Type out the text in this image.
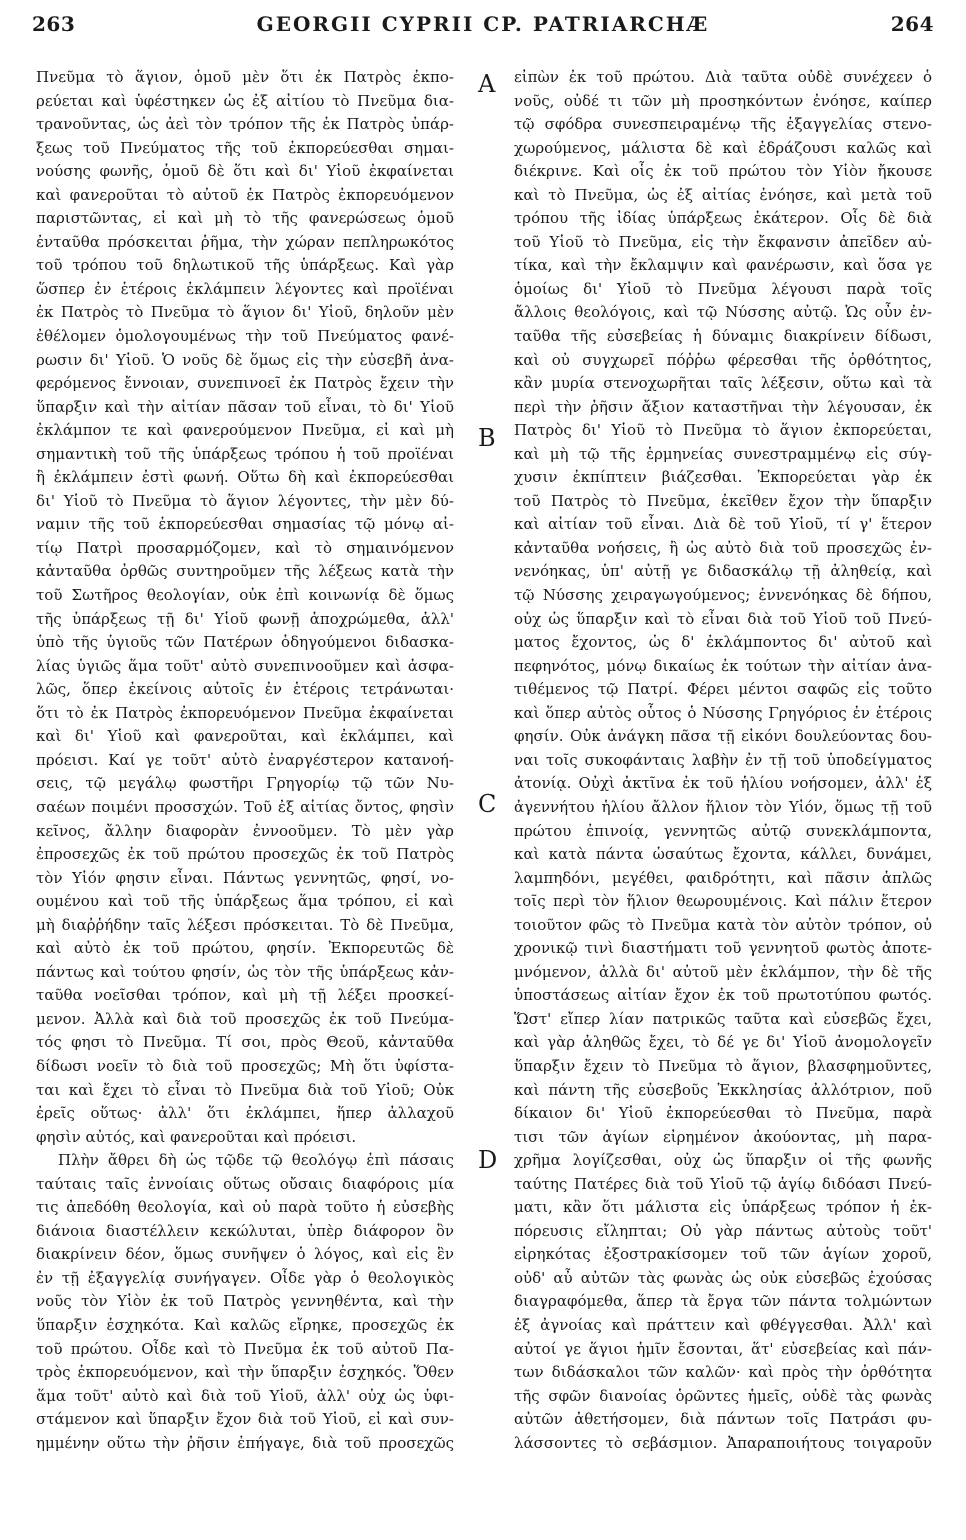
263	GEORGII CYPRII CP. PATRIARCHÆ	264
Πνεῦμα τὸ ἅγιον, ὁμοῦ μὲν ὅτι ἐκ Πατρὸς ἐκπο-
ρεύεται καὶ ὑφέστηκεν ὡς ἐξ αἰτίου τὸ Πνεῦμα δια-
τρανοῦντας, ὡς ἀεὶ τὸν τρόπον τῆς ἐκ Πατρὸς ὑπάρ-
ξεως τοῦ Πνεύματος τῆς τοῦ ἐκπορεύεσθαι σημαι-
νούσης φωνῆς, ὁμοῦ δὲ ὅτι καὶ δι' Υἱοῦ ἐκφαίνεται
καὶ φανεροῦται τὸ αὐτοῦ ἐκ Πατρὸς ἐκπορευόμενον
παριστῶντας, εἰ καὶ μὴ τὸ τῆς φανερώσεως ὁμοῦ
ἐνταῦθα πρόσκειται ῥῆμα, τὴν χώραν πεπληρωκότος
τοῦ τρόπου τοῦ δηλωτικοῦ τῆς ὑπάρξεως. Καὶ γὰρ
ὥσπερ ἐν ἑτέροις ἐκλάμπειν λέγοντες καὶ προϊέναι
ἐκ Πατρὸς τὸ Πνεῦμα τὸ ἅγιον δι' Υἱοῦ, δηλοῦν μὲν
ἐθέλομεν ὁμολογουμένως τὴν τοῦ Πνεύματος φανέ-
ρωσιν δι' Υἱοῦ. Ὁ νοῦς δὲ ὅμως εἰς τὴν εὐσεβῆ ἀνα-
φερόμενος ἔννοιαν, συνεπινοεῖ ἐκ Πατρὸς ἔχειν τὴν
ὕπαρξιν καὶ τὴν αἰτίαν πᾶσαν τοῦ εἶναι, τὸ δι' Υἱοῦ
ἐκλάμπον τε καὶ φανερούμενον Πνεῦμα, εἰ καὶ μὴ
σημαντικὴ τοῦ τῆς ὑπάρξεως τρόπου ἡ τοῦ προϊέναι
ἢ ἐκλάμπειν ἐστὶ φωνή. Οὕτω δὴ καὶ ἐκπορεύεσθαι
δι' Υἱοῦ τὸ Πνεῦμα τὸ ἅγιον λέγοντες, τὴν μὲν δύ-
ναμιν τῆς τοῦ ἐκπορεύεσθαι σημασίας τῷ μόνῳ αἰ-
τίῳ Πατρὶ προσαρμόζομεν, καὶ τὸ σημαινόμενον
κἀνταῦθα ὀρθῶς συντηροῦμεν τῆς λέξεως κατὰ τὴν
τοῦ Σωτῆρος θεολογίαν, οὐκ ἐπὶ κοινωνίᾳ δὲ ὅμως
τῆς ὑπάρξεως τῇ δι' Υἱοῦ φωνῇ ἀποχρώμεθα, ἀλλ'
ὑπὸ τῆς ὑγιοῦς τῶν Πατέρων ὁδηγούμενοι διδασκα-
λίας ὑγιῶς ἅμα τοῦτ' αὐτὸ συνεπινοοῦμεν καὶ ἀσφα-
λῶς, ὅπερ ἐκείνοις αὐτοῖς ἐν ἑτέροις τετράνωται·
ὅτι τὸ ἐκ Πατρὸς ἐκπορευόμενον Πνεῦμα ἐκφαίνεται
καὶ δι' Υἱοῦ καὶ φανεροῦται, καὶ ἐκλάμπει, καὶ
πρόεισι. Καί γε τοῦτ' αὐτὸ ἐναργέστερον κατανοή-
σεις, τῷ μεγάλῳ φωστῆρι Γρηγορίῳ τῷ τῶν Νυ-
σαέων ποιμένι προσσχών. Τοῦ ἐξ αἰτίας ὄντος, φησὶν
κεῖνος, ἄλλην διαφορὰν ἐννοοῦμεν. Τὸ μὲν γὰρ
ἐπροσεχῶς ἐκ τοῦ πρώτου προσεχῶς ἐκ τοῦ Πατρὸς
τὸν Υἱόν φησιν εἶναι. Πάντως γεννητῶς, φησί, νο-
ουμένου καὶ τοῦ τῆς ὑπάρξεως ἅμα τρόπου, εἰ καὶ
μὴ διαῤῥήδην ταῖς λέξεσι πρόσκειται. Τὸ δὲ Πνεῦμα,
καὶ αὐτὸ ἐκ τοῦ πρώτου, φησίν. Ἐκπορευτῶς δὲ
πάντως καὶ τούτου φησίν, ὡς τὸν τῆς ὑπάρξεως κἀν-
ταῦθα νοεῖσθαι τρόπον, καὶ μὴ τῇ λέξει προσκεί-
μενον. Ἀλλὰ καὶ διὰ τοῦ προσεχῶς ἐκ τοῦ Πνεύμα-
τός φησι τὸ Πνεῦμα. Τί σοι, πρὸς Θεοῦ, κἀνταῦθα
δίδωσι νοεῖν τὸ διὰ τοῦ προσεχῶς; Μὴ ὅτι ὑφίστα-
ται καὶ ἔχει τὸ εἶναι τὸ Πνεῦμα διὰ τοῦ Υἱοῦ; Οὐκ
ἐρεῖς οὕτως· ἀλλ' ὅτι ἐκλάμπει, ἥπερ ἀλλαχοῦ
φησὶν αὐτός, καὶ φανεροῦται καὶ πρόεισι.
Πλὴν ἄθρει δὴ ὡς τῷδε τῷ θεολόγῳ ἐπὶ πάσαις
ταύταις ταῖς ἐννοίαις οὕτως οὔσαις διαφόροις μία
τις ἀπεδόθη θεολογία, καὶ οὐ παρὰ τοῦτο ἡ εὐσεβὴς
διάνοια διαστέλλειν κεκώλυται, ὑπὲρ διάφορον ὂν
διακρίνειν δέον, ὅμως συνῆψεν ὁ λόγος, καὶ εἰς ἓν
ἐν τῇ ἐξαγγελίᾳ συνήγαγεν. Οἶδε γὰρ ὁ θεολογικὸς
νοῦς τὸν Υἱὸν ἐκ τοῦ Πατρὸς γεννηθέντα, καὶ τὴν
ὕπαρξιν ἐσχηκότα. Καὶ καλῶς εἴρηκε, προσεχῶς ἐκ
τοῦ πρώτου. Οἶδε καὶ τὸ Πνεῦμα ἐκ τοῦ αὐτοῦ Πα-
τρὸς ἐκπορευόμενον, καὶ τὴν ὕπαρξιν ἐσχηκός. Ὅθεν
ἅμα τοῦτ' αὐτὸ καὶ διὰ τοῦ Υἱοῦ, ἀλλ' οὐχ ὡς ὑφι-
στάμενον καὶ ὕπαρξιν ἔχον διὰ τοῦ Υἱοῦ, εἰ καὶ συν-
ημμένην οὕτω τὴν ῥῆσιν ἐπήγαγε, διὰ τοῦ προσεχῶς
εἰπὼν ἐκ τοῦ πρώτου. Διὰ ταῦτα οὐδὲ συνέχεεν ὁ
νοῦς, οὐδέ τι τῶν μὴ προσηκόντων ἐνόησε, καίπερ
τῷ σφόδρα συνεσπειραμένῳ τῆς ἐξαγγελίας στενο-
χωρούμενος, μάλιστα δὲ καὶ ἐδράζουσι καλῶς καὶ
διέκρινε. Καὶ οἷς ἐκ τοῦ πρώτου τὸν Υἱὸν ἤκουσε
καὶ τὸ Πνεῦμα, ὡς ἐξ αἰτίας ἐνόησε, καὶ μετὰ τοῦ
τρόπου τῆς ἰδίας ὑπάρξεως ἑκάτερον. Οἷς δὲ διὰ
τοῦ Υἱοῦ τὸ Πνεῦμα, εἰς τὴν ἔκφανσιν ἀπεῖδεν αὐ-
τίκα, καὶ τὴν ἔκλαμψιν καὶ φανέρωσιν, καὶ ὅσα γε
ὁμοίως δι' Υἱοῦ τὸ Πνεῦμα λέγουσι παρὰ τοῖς
ἄλλοις θεολόγοις, καὶ τῷ Νύσσης αὐτῷ. Ὡς οὖν ἐν-
ταῦθα τῆς εὐσεβείας ἡ δύναμις διακρίνειν δίδωσι,
καὶ οὐ συγχωρεῖ πόῤῥω φέρεσθαι τῆς ὀρθότητος,
κἂν μυρία στενοχωρῆται ταῖς λέξεσιν, οὕτω καὶ τὰ
περὶ τὴν ῥῆσιν ἄξιον καταστῆναι τὴν λέγουσαν, ἐκ
Πατρὸς δι' Υἱοῦ τὸ Πνεῦμα τὸ ἅγιον ἐκπορεύεται,
καὶ μὴ τῷ τῆς ἑρμηνείας συνεστραμμένῳ εἰς σύγ-
χυσιν ἐκπίπτειν βιάζεσθαι. Ἐκπορεύεται γὰρ ἐκ
τοῦ Πατρὸς τὸ Πνεῦμα, ἐκεῖθεν ἔχον τὴν ὕπαρξιν
καὶ αἰτίαν τοῦ εἶναι. Διὰ δὲ τοῦ Υἱοῦ, τί γ' ἕτερον
κἀνταῦθα νοήσεις, ἢ ὡς αὐτὸ διὰ τοῦ προσεχῶς ἐν-
νενόηκας, ὑπ' αὐτῇ γε διδασκάλῳ τῇ ἀληθείᾳ, καὶ
τῷ Νύσσης χειραγωγούμενος; ἐννενόηκας δὲ δήπου,
οὐχ ὡς ὕπαρξιν καὶ τὸ εἶναι διὰ τοῦ Υἱοῦ τοῦ Πνεύ-
ματος ἔχοντος, ὡς δ' ἐκλάμποντος δι' αὐτοῦ καὶ
πεφηνότος, μόνῳ δικαίως ἐκ τούτων τὴν αἰτίαν ἀνα-
τιθέμενος τῷ Πατρί. Φέρει μέντοι σαφῶς εἰς τοῦτο
καὶ ὅπερ αὐτὸς οὗτος ὁ Νύσσης Γρηγόριος ἐν ἑτέροις
φησίν. Οὐκ ἀνάγκη πᾶσα τῇ εἰκόνι δουλεύοντας δου-
ναι τοῖς συκοφάνταις λαβὴν ἐν τῇ τοῦ ὑποδείγματος
ἀτονίᾳ. Οὐχὶ ἀκτῖνα ἐκ τοῦ ἡλίου νοήσομεν, ἀλλ' ἐξ
ἀγεννήτου ἡλίου ἄλλον ἥλιον τὸν Υἱόν, ὅμως τῇ τοῦ
πρώτου ἐπινοίᾳ, γεννητῶς αὐτῷ συνεκλάμποντα,
καὶ κατὰ πάντα ὡσαύτως ἔχοντα, κάλλει, δυνάμει,
λαμπηδόνι, μεγέθει, φαιδρότητι, καὶ πᾶσιν ἁπλῶς
τοῖς περὶ τὸν ἥλιον θεωρουμένοις. Καὶ πάλιν ἕτερον
τοιοῦτον φῶς τὸ Πνεῦμα κατὰ τὸν αὐτὸν τρόπον, οὐ
χρονικῷ τινὶ διαστήματι τοῦ γεννητοῦ φωτὸς ἀποτε-
μνόμενον, ἀλλὰ δι' αὐτοῦ μὲν ἐκλάμπον, τὴν δὲ τῆς
ὑποστάσεως αἰτίαν ἔχον ἐκ τοῦ πρωτοτύπου φωτός.
Ὥστ' εἴπερ λίαν πατρικῶς ταῦτα καὶ εὐσεβῶς ἔχει,
καὶ γὰρ ἀληθῶς ἔχει, τὸ δέ γε δι' Υἱοῦ ἀνομολογεῖν
ὕπαρξιν ἔχειν τὸ Πνεῦμα τὸ ἅγιον, βλασφημοῦντες,
καὶ πάντη τῆς εὐσεβοῦς Ἐκκλησίας ἀλλότριον, ποῦ
δίκαιον δι' Υἱοῦ ἐκπορεύεσθαι τὸ Πνεῦμα, παρὰ
τισι τῶν ἁγίων εἰρημένον ἀκούοντας, μὴ παρα-
χρῆμα λογίζεσθαι, οὐχ ὡς ὕπαρξιν οἱ τῆς φωνῆς
ταύτης Πατέρες διὰ τοῦ Υἱοῦ τῷ ἁγίῳ διδόασι Πνεύ-
ματι, κἂν ὅτι μάλιστα εἰς ὑπάρξεως τρόπον ἡ ἐκ-
πόρευσις εἴληπται; Οὐ γὰρ πάντως αὐτοὺς τοῦτ'
εἰρηκότας ἐξοστρακίσομεν τοῦ τῶν ἁγίων χοροῦ,
οὐδ' αὖ αὐτῶν τὰς φωνὰς ὡς οὐκ εὐσεβῶς ἐχούσας
διαγραφόμεθα, ἅπερ τὰ ἔργα τῶν πάντα τολμώντων
ἐξ ἀγνοίας καὶ πράττειν καὶ φθέγγεσθαι. Ἀλλ' καὶ
αὐτοί γε ἅγιοι ἡμῖν ἔσονται, ἅτ' εὐσεβείας καὶ πάν-
των διδάσκαλοι τῶν καλῶν· καὶ πρὸς τὴν ὀρθότητα
τῆς σφῶν διανοίας ὁρῶντες ἡμεῖς, οὐδὲ τὰς φωνὰς
αὐτῶν ἀθετήσομεν, διὰ πάντων τοῖς Πατράσι φυ-
λάσσοντες τὸ σεβάσμιον. Ἀπαραποιήτους τοιγαροῦν
A
B
C
D
